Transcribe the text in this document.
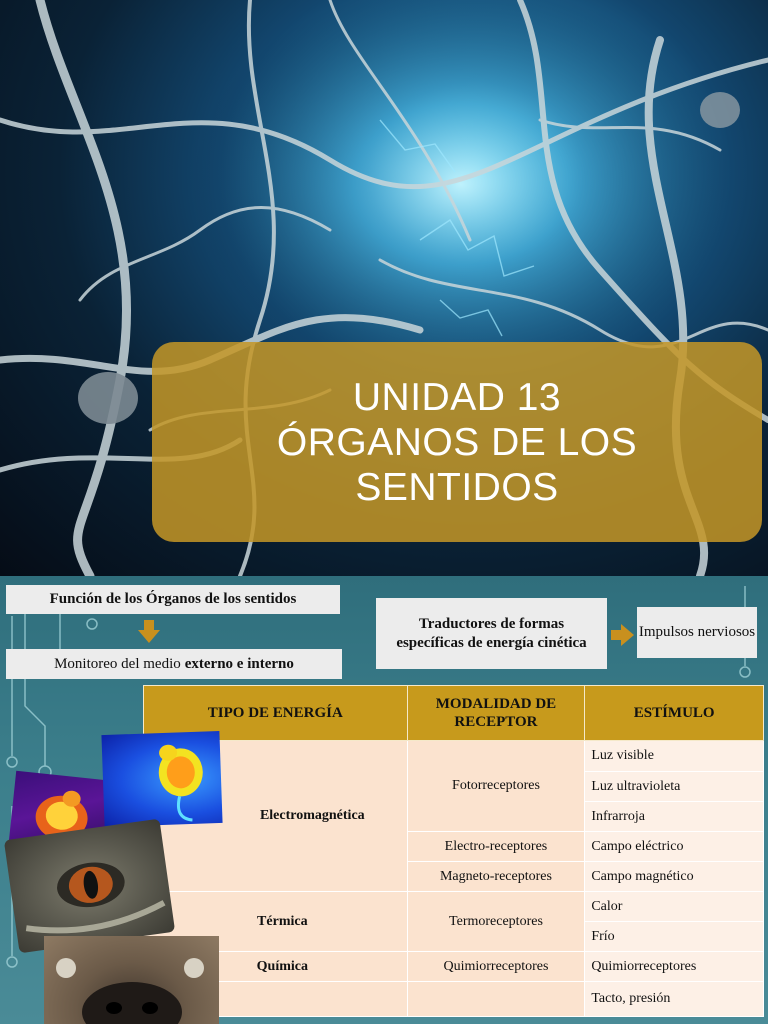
UNIDAD 13
ÓRGANOS DE LOS
SENTIDOS
Función de los Órganos de los sentidos
Monitoreo del medio externo e interno
Traductores de formas específicas de energía cinética
Impulsos nerviosos
TIPO DE ENERGÍA	MODALIDAD DE RECEPTOR	ESTÍMULO
Electromagnética	Fotorreceptores	Luz visible
		Luz ultravioleta
		Infrarroja
	Electro-receptores	Campo eléctrico
	Magneto-receptores	Campo magnético
Térmica	Termoreceptores	Calor
		Frío
Química	Quimiorreceptores	Quimiorreceptores
		Tacto, presión
